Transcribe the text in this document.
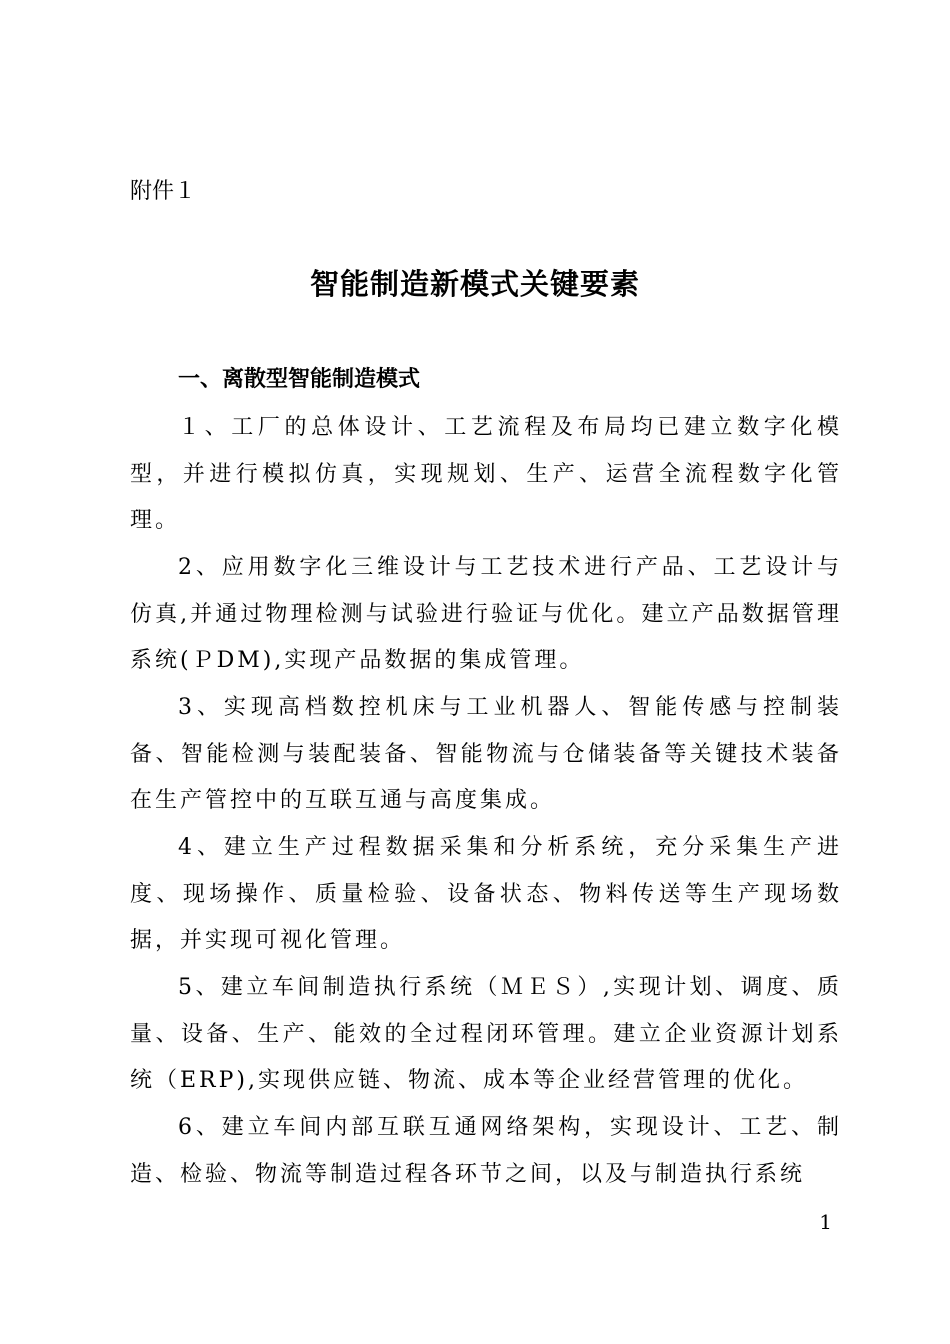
附件１
智能制造新模式关键要素
一、离散型智能制造模式

１、工厂的总体设计、工艺流程及布局均已建立数字化模型，并进行模拟仿真，实现规划、生产、运营全流程数字化管理。

2、应用数字化三维设计与工艺技术进行产品、工艺设计与仿真,并通过物理检测与试验进行验证与优化。建立产品数据管理系统(ＰDM),实现产品数据的集成管理。

3、实现高档数控机床与工业机器人、智能传感与控制装备、智能检测与装配装备、智能物流与仓储装备等关键技术装备在生产管控中的互联互通与高度集成。

4、建立生产过程数据采集和分析系统，充分采集生产进度、现场操作、质量检验、设备状态、物料传送等生产现场数据，并实现可视化管理。

5、建立车间制造执行系统（ＭＥＳ）,实现计划、调度、质量、设备、生产、能效的全过程闭环管理。建立企业资源计划系统（ERP),实现供应链、物流、成本等企业经营管理的优化。

6、建立车间内部互联互通网络架构，实现设计、工艺、制造、检验、物流等制造过程各环节之间，以及与制造执行系统

1
